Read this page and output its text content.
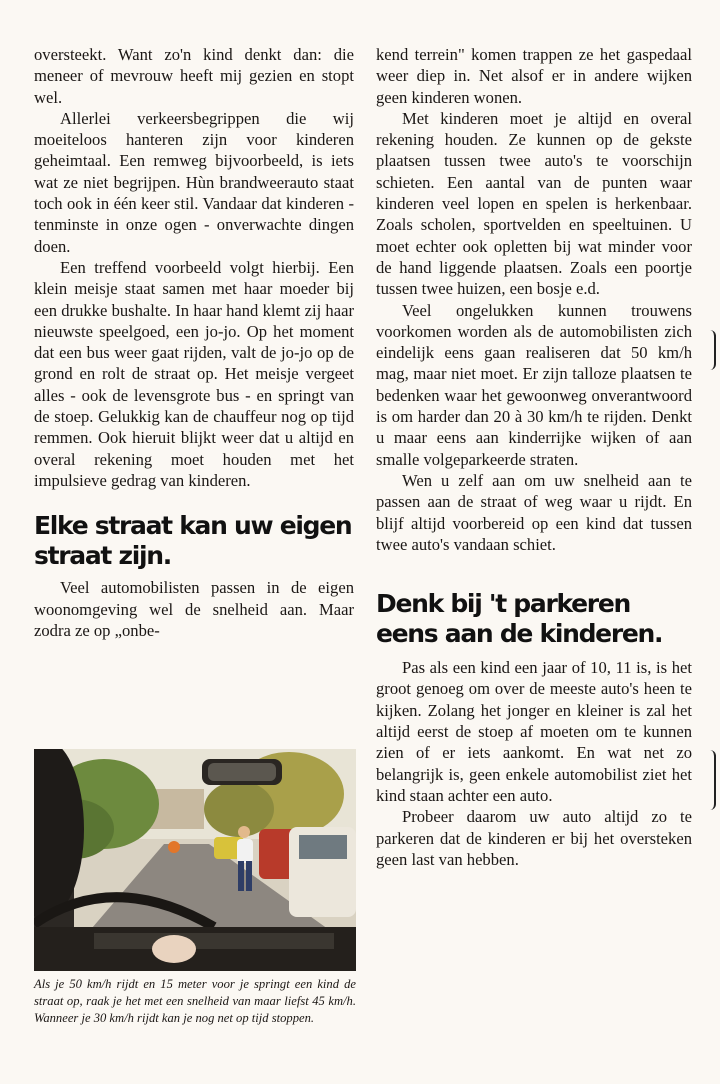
oversteekt. Want zo'n kind denkt dan: die meneer of mevrouw heeft mij gezien en stopt wel.

Allerlei verkeersbegrippen die wij moeiteloos hanteren zijn voor kinderen geheimtaal. Een remweg bijvoorbeeld, is iets wat ze niet begrijpen. Hùn brandweerauto staat toch ook in één keer stil. Vandaar dat kinderen - tenminste in onze ogen - onverwachte dingen doen.

Een treffend voorbeeld volgt hierbij. Een klein meisje staat samen met haar moeder bij een drukke bushalte. In haar hand klemt zij haar nieuwste speelgoed, een jo-jo. Op het moment dat een bus weer gaat rijden, valt de jo-jo op de grond en rolt de straat op. Het meisje vergeet alles - ook de levensgrote bus - en springt van de stoep. Gelukkig kan de chauffeur nog op tijd remmen. Ook hieruit blijkt weer dat u altijd en overal rekening moet houden met het impulsieve gedrag van kinderen.

Elke straat kan uw eigen straat zijn.

Veel automobilisten passen in de eigen woonomgeving wel de snelheid aan. Maar zodra ze op „onbe-

Als je 50 km/h rijdt en 15 meter voor je springt een kind de straat op, raak je het met een snelheid van maar liefst 45 km/h. Wanneer je 30 km/h rijdt kan je nog net op tijd stoppen.

kend terrein" komen trappen ze het gaspedaal weer diep in. Net alsof er in andere wijken geen kinderen wonen.

Met kinderen moet je altijd en overal rekening houden. Ze kunnen op de gekste plaatsen tussen twee auto's te voorschijn schieten. Een aantal van de punten waar kinderen veel lopen en spelen is herkenbaar. Zoals scholen, sportvelden en speeltuinen. U moet echter ook opletten bij wat minder voor de hand liggende plaatsen. Zoals een poortje tussen twee huizen, een bosje e.d.

Veel ongelukken kunnen trouwens voorkomen worden als de automobilisten zich eindelijk eens gaan realiseren dat 50 km/h mag, maar niet moet. Er zijn talloze plaatsen te bedenken waar het gewoonweg onverantwoord is om harder dan 20 à 30 km/h te rijden. Denkt u maar eens aan kinderrijke wijken of aan smalle volgeparkeerde straten.

Wen u zelf aan om uw snelheid aan te passen aan de straat of weg waar u rijdt. En blijf altijd voorbereid op een kind dat tussen twee auto's vandaan schiet.

Denk bij 't parkeren eens aan de kinderen.

Pas als een kind een jaar of 10, 11 is, is het groot genoeg om over de meeste auto's heen te kijken. Zolang het jonger en kleiner is zal het altijd eerst de stoep af moeten om te kunnen zien of er iets aankomt. En wat net zo belangrijk is, geen enkele automobilist ziet het kind staan achter een auto.

Probeer daarom uw auto altijd zo te parkeren dat de kinderen er bij het oversteken geen last van hebben.
